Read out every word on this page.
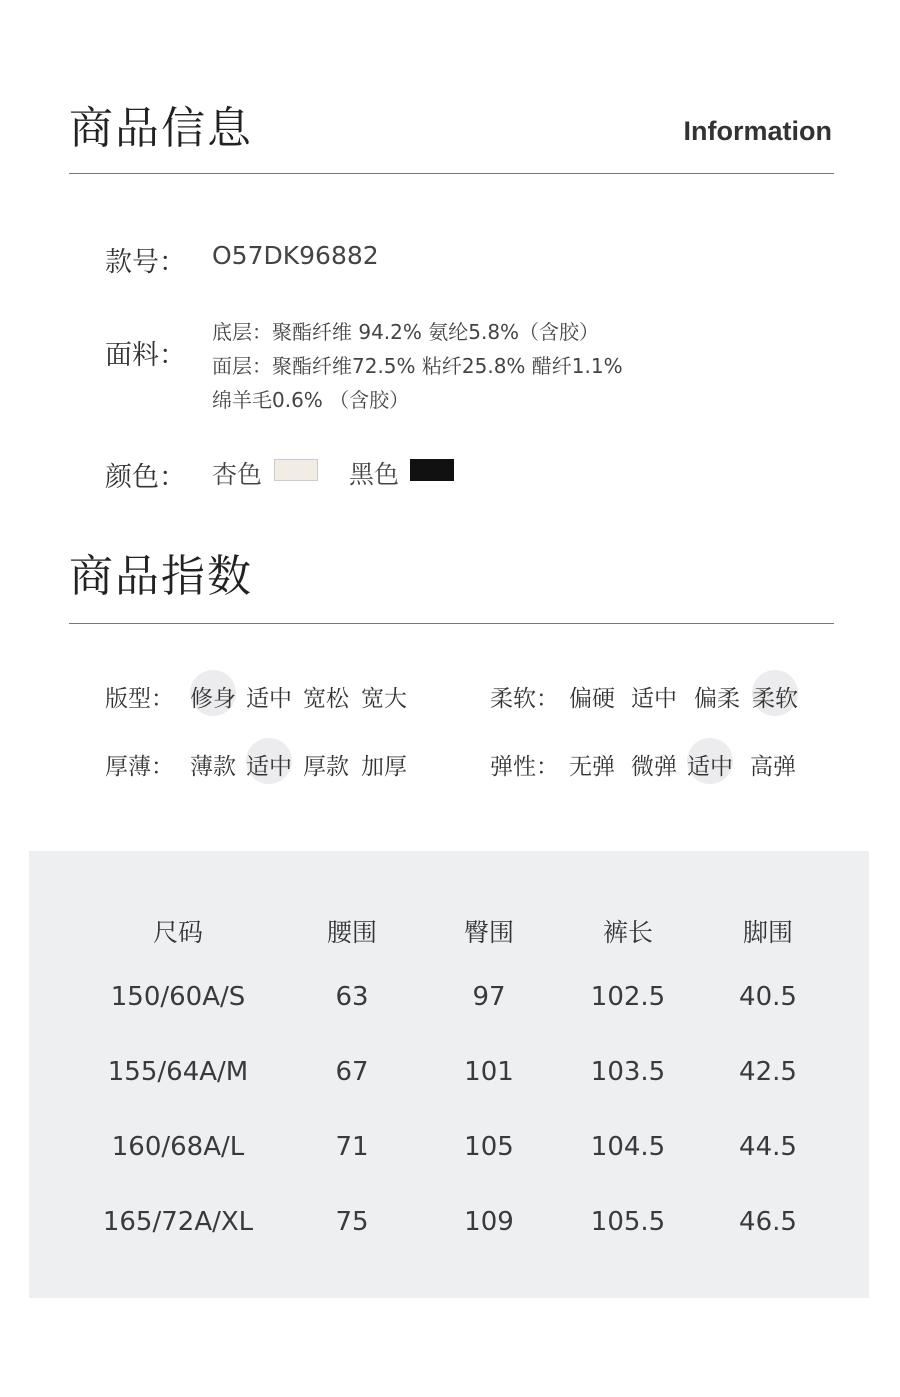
商品信息	Information
款号： O57DK96882
面料：
底层：聚酯纤维 94.2% 氨纶5.8%（含胶）
面层：聚酯纤维72.5% 粘纤25.8% 醋纤1.1%
绵羊毛0.6% （含胶）
颜色： 杏色	黑色
商品指数
版型： 修身 适中 宽松 宽大	柔软： 偏硬 适中 偏柔 柔软
厚薄： 薄款 适中 厚款 加厚	弹性： 无弹 微弹 适中 高弹
尺码	腰围	臀围	裤长	脚围
150/60A/S	63	97	102.5	40.5
155/64A/M	67	101	103.5	42.5
160/68A/L	71	105	104.5	44.5
165/72A/XL	75	109	105.5	46.5
